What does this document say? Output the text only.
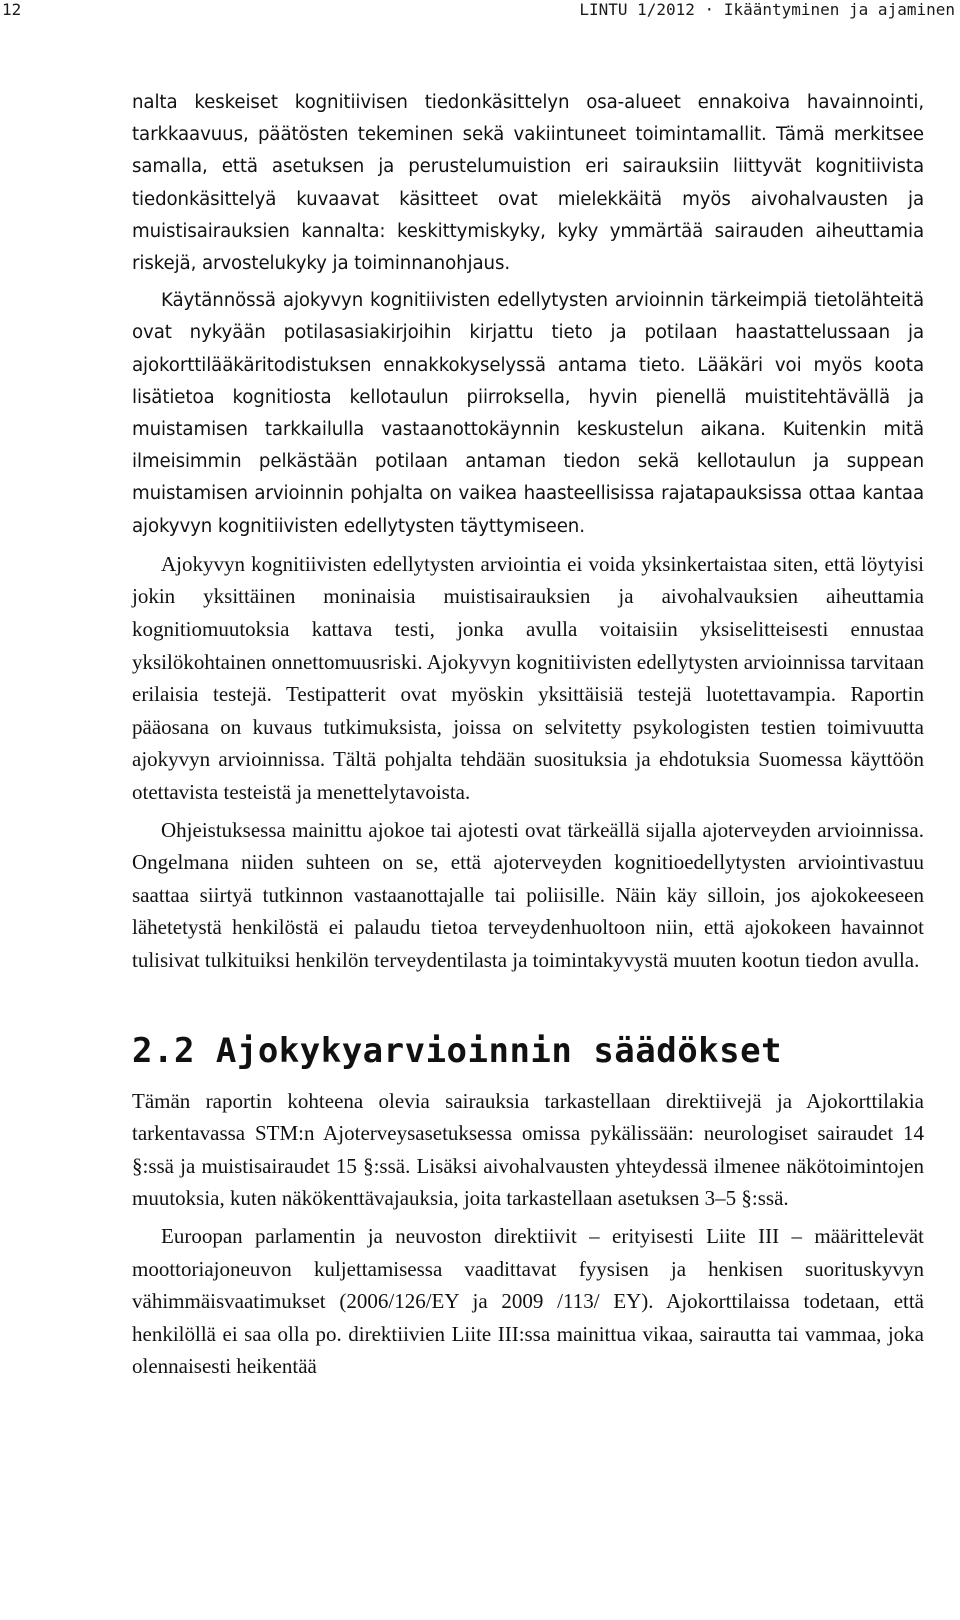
12	LINTU 1/2012 · Ikääntyminen ja ajaminen

nalta keskeiset kognitiivisen tiedonkäsittelyn osa-alueet ennakoiva havainnointi, tarkkaavuus, päätösten tekeminen sekä vakiintuneet toimintamallit. Tämä merkitsee samalla, että asetuksen ja perustelumuistion eri sairauksiin liittyvät kognitiivista tiedonkäsittelyä kuvaavat käsitteet ovat mielekkäitä myös aivohalvausten ja muistisairauksien kannalta: keskittymiskyky, kyky ymmärtää sairauden aiheuttamia riskejä, arvostelukyky ja toiminnanohjaus.

Käytännössä ajokyvyn kognitiivisten edellytysten arvioinnin tärkeimpiä tietolähteitä ovat nykyään potilasasiakirjoihin kirjattu tieto ja potilaan haastattelussaan ja ajokorttilääkäritodistuksen ennakkokyselyssä antama tieto. Lääkäri voi myös koota lisätietoa kognitiosta kellotaulun piirroksella, hyvin pienellä muistitehtävällä ja muistamisen tarkkailulla vastaanottokäynnin keskustelun aikana. Kuitenkin mitä ilmeisimmin pelkästään potilaan antaman tiedon sekä kellotaulun ja suppean muistamisen arvioinnin pohjalta on vaikea haasteellisissa rajatapauksissa ottaa kantaa ajokyvyn kognitiivisten edellytysten täyttymiseen.

Ajokyvyn kognitiivisten edellytysten arviointia ei voida yksinkertaistaa siten, että löytyisi jokin yksittäinen moninaisia muistisairauksien ja aivohalvauksien aiheuttamia kognitiomuutoksia kattava testi, jonka avulla voitaisiin yksiselitteisesti ennustaa yksilökohtainen onnettomuusriski. Ajokyvyn kognitiivisten edellytysten arvioinnissa tarvitaan erilaisia testejä. Testipatterit ovat myöskin yksittäisiä testejä luotettavampia. Raportin pääosana on kuvaus tutkimuksista, joissa on selvitetty psykologisten testien toimivuutta ajokyvyn arvioinnissa. Tältä pohjalta tehdään suosituksia ja ehdotuksia Suomessa käyttöön otettavista testeistä ja menettelytavoista.

Ohjeistuksessa mainittu ajokoe tai ajotesti ovat tärkeällä sijalla ajoterveyden arvioinnissa. Ongelmana niiden suhteen on se, että ajoterveyden kognitioedellytysten arviointivastuu saattaa siirtyä tutkinnon vastaanottajalle tai poliisille. Näin käy silloin, jos ajokokeeseen lähetetystä henkilöstä ei palaudu tietoa terveydenhuoltoon niin, että ajokokeen havainnot tulisivat tulkituiksi henkilön terveydentilasta ja toimintakyvystä muuten kootun tiedon avulla.

2.2 Ajokykyarvioinnin säädökset

Tämän raportin kohteena olevia sairauksia tarkastellaan direktiivejä ja Ajokorttilakia tarkentavassa STM:n Ajoterveysasetuksessa omissa pykälissään: neurologiset sairaudet 14 §:ssä ja muistisairaudet 15 §:ssä. Lisäksi aivohalvausten yhteydessä ilmenee näkötoimintojen muutoksia, kuten näkökenttävajauksia, joita tarkastellaan asetuksen 3–5 §:ssä.

Euroopan parlamentin ja neuvoston direktiivit – erityisesti Liite III – määrittelevät moottoriajoneuvon kuljettamisessa vaadittavat fyysisen ja henkisen suorituskyvyn vähimmäisvaatimukset (2006/126/EY ja 2009 /113/ EY). Ajokorttilaissa todetaan, että henkilöllä ei saa olla po. direktiivien Liite III:ssa mainittua vikaa, sairautta tai vammaa, joka olennaisesti heikentää
